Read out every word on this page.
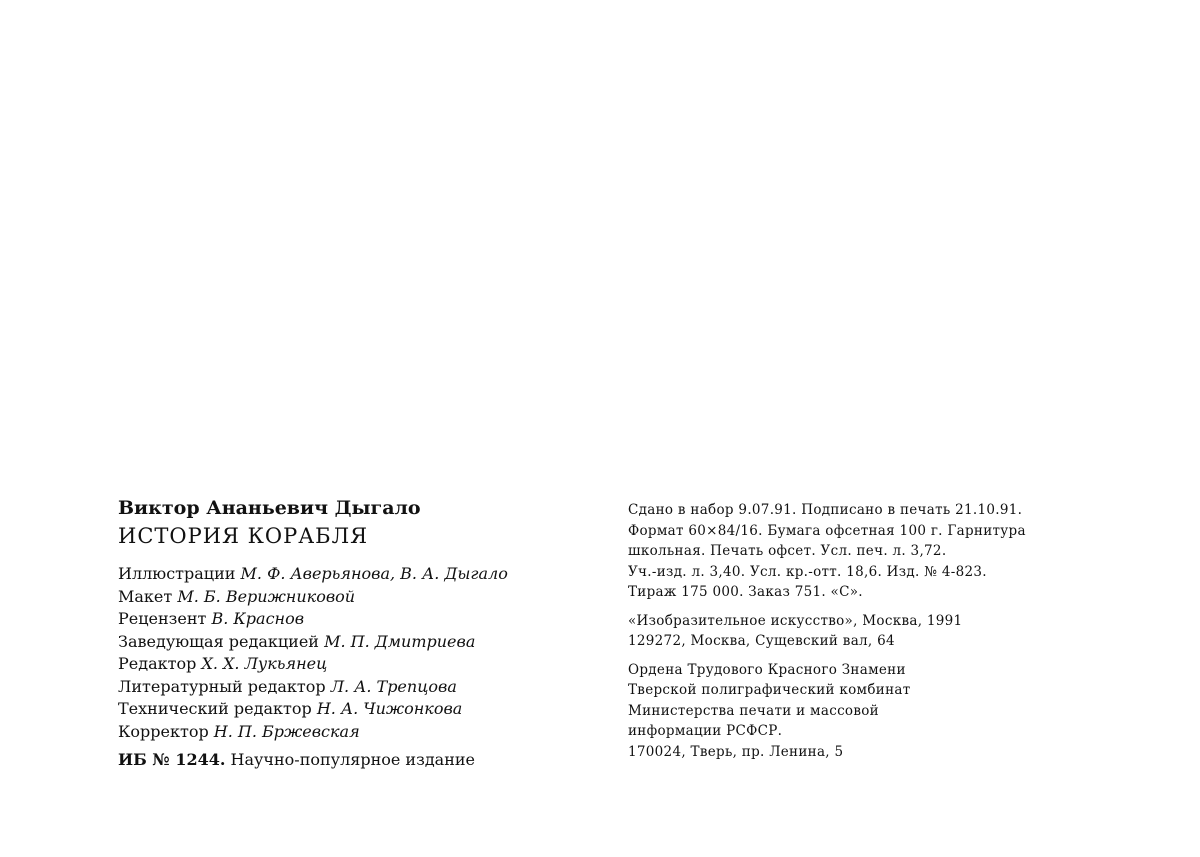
Виктор Ананьевич Дыгало

ИСТОРИЯ КОРАБЛЯ

Иллюстрации М. Ф. Аверьянова, В. А. Дыгало
Макет М. Б. Верижниковой
Рецензент В. Краснов
Заведующая редакцией М. П. Дмитриева
Редактор Х. Х. Лукьянец
Литературный редактор Л. А. Трепцова
Технический редактор Н. А. Чижонкова
Корректор Н. П. Бржевская
ИБ № 1244. Научно-популярное издание
Сдано в набор 9.07.91. Подписано в печать 21.10.91.
Формат 60×84/16. Бумага офсетная 100 г. Гарнитура
школьная. Печать офсет. Усл. печ. л. 3,72.
Уч.-изд. л. 3,40. Усл. кр.-отт. 18,6. Изд. № 4-823.
Тираж 175 000. Заказ 751. «С».
«Изобразительное искусство», Москва, 1991
129272, Москва, Сущевский вал, 64
Ордена Трудового Красного Знамени
Тверской полиграфический комбинат
Министерства печати и массовой
информации РСФСР.
170024, Тверь, пр. Ленина, 5
